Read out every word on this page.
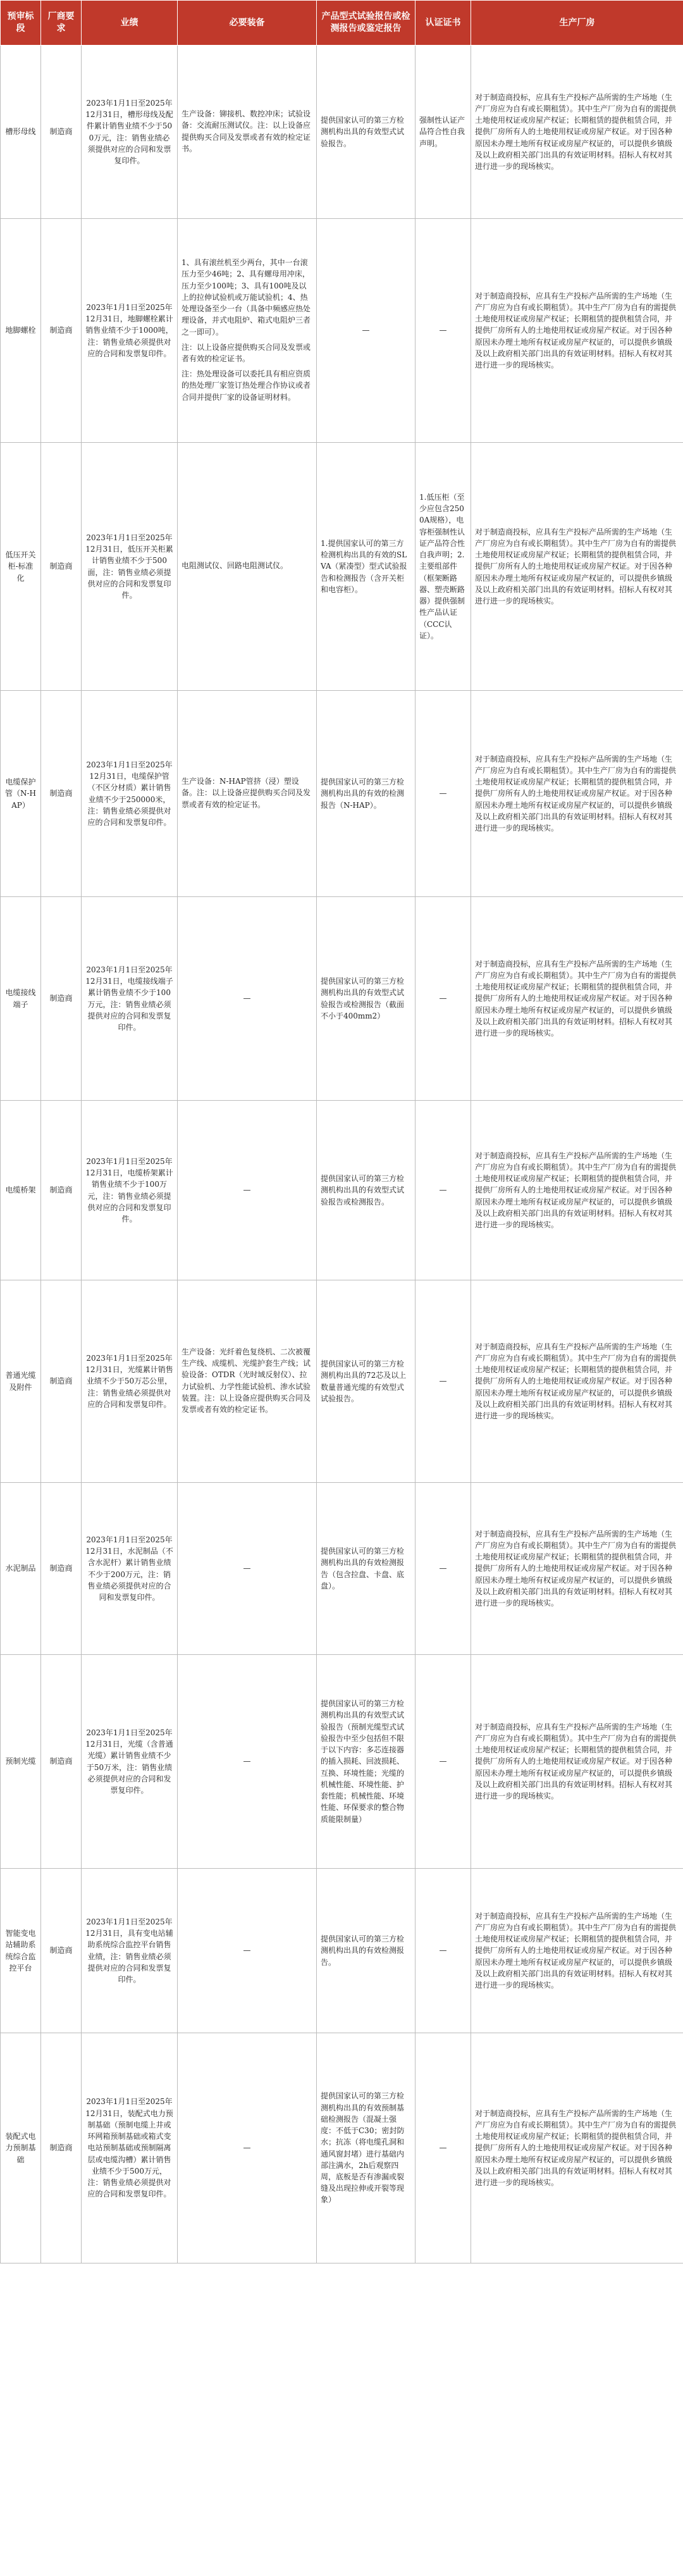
预审标段	厂商要求	业绩	必要装备	产品型式试验报告或检测报告或鉴定报告	认证证书	生产厂房
槽形母线	制造商	2023年1月1日至2025年12月31日，槽形母线及配件累计销售业绩不少于500万元，注：销售业绩必须提供对应的合同和发票复印件。	生产设备：铆接机、数控冲床；试验设备：交流耐压测试仪。注：以上设备应提供购买合同及发票或者有效的检定证书。	提供国家认可的第三方检测机构出具的有效型式试验报告。	强制性认证产品符合性自我声明。	对于制造商投标，应具有生产投标产品所需的生产场地（生产厂房应为自有或长期租赁）。其中生产厂房为自有的需提供土地使用权证或房屋产权证；长期租赁的提供租赁合同，并提供厂房所有人的土地使用权证或房屋产权证。对于因各种原因未办理土地所有权证或房屋产权证的，可以提供乡镇级及以上政府相关部门出具的有效证明材料。招标人有权对其进行进一步的现场核实。
地脚螺栓	制造商	2023年1月1日至2025年12月31日，地脚螺栓累计销售业绩不少于1000吨，注：销售业绩必须提供对应的合同和发票复印件。	1、具有滚丝机至少两台，其中一台滚压力至少46吨；2、具有螺母用冲床，压力至少100吨；3、具有100吨及以上的拉伸试验机或万能试验机；4、热处理设备至少一台（具备中频感应热处理设备，并式电阻炉、箱式电阻炉三者之一即可）。
注：以上设备应提供购买合同及发票或者有效的检定证书。
注：热处理设备可以委托具有相应资质的热处理厂家签订热处理合作协议或者合同并提供厂家的设备证明材料。	—	—	对于制造商投标，应具有生产投标产品所需的生产场地（生产厂房应为自有或长期租赁）。其中生产厂房为自有的需提供土地使用权证或房屋产权证；长期租赁的提供租赁合同，并提供厂房所有人的土地使用权证或房屋产权证。对于因各种原因未办理土地所有权证或房屋产权证的，可以提供乡镇级及以上政府相关部门出具的有效证明材料。招标人有权对其进行进一步的现场核实。
低压开关柜-标准化	制造商	2023年1月1日至2025年12月31日，低压开关柜累计销售业绩不少于500面，注：销售业绩必须提供对应的合同和发票复印件。	电阻测试仪、回路电阻测试仪。	1.提供国家认可的第三方检测机构出具的有效的SLVA（紧凑型）型式试验报告和检测报告（含开关柜和电容柜）。	1.低压柜（至少应包含2500A规格），电容柜强制性认证产品符合性自我声明；2.主要组部件（框架断路器、塑壳断路器）提供强制性产品认证（CCC认证）。	对于制造商投标，应具有生产投标产品所需的生产场地（生产厂房应为自有或长期租赁）。其中生产厂房为自有的需提供土地使用权证或房屋产权证；长期租赁的提供租赁合同，并提供厂房所有人的土地使用权证或房屋产权证。对于因各种原因未办理土地所有权证或房屋产权证的，可以提供乡镇级及以上政府相关部门出具的有效证明材料。招标人有权对其进行进一步的现场核实。
电缆保护管（N-HAP）	制造商	2023年1月1日至2025年12月31日，电缆保护管（不区分材质）累计销售业绩不少于250000米，注：销售业绩必须提供对应的合同和发票复印件。	生产设备：N-HAP管挤（浸）塑设备。注：以上设备应提供购买合同及发票或者有效的检定证书。	提供国家认可的第三方检测机构出具的有效的检测报告（N-HAP）。	—	对于制造商投标，应具有生产投标产品所需的生产场地（生产厂房应为自有或长期租赁）。其中生产厂房为自有的需提供土地使用权证或房屋产权证；长期租赁的提供租赁合同，并提供厂房所有人的土地使用权证或房屋产权证。对于因各种原因未办理土地所有权证或房屋产权证的，可以提供乡镇级及以上政府相关部门出具的有效证明材料。招标人有权对其进行进一步的现场核实。
电缆接线端子	制造商	2023年1月1日至2025年12月31日，电缆接线端子累计销售业绩不少于100万元，注：销售业绩必须提供对应的合同和发票复印件。	—	提供国家认可的第三方检测机构出具的有效型式试验报告或检测报告（截面不小于400mm2）	—	对于制造商投标，应具有生产投标产品所需的生产场地（生产厂房应为自有或长期租赁）。其中生产厂房为自有的需提供土地使用权证或房屋产权证；长期租赁的提供租赁合同，并提供厂房所有人的土地使用权证或房屋产权证。对于因各种原因未办理土地所有权证或房屋产权证的，可以提供乡镇级及以上政府相关部门出具的有效证明材料。招标人有权对其进行进一步的现场核实。
电缆桥架	制造商	2023年1月1日至2025年12月31日，电缆桥架累计销售业绩不少于100万元，注：销售业绩必须提供对应的合同和发票复印件。	—	提供国家认可的第三方检测机构出具的有效型式试验报告或检测报告。	—	对于制造商投标，应具有生产投标产品所需的生产场地（生产厂房应为自有或长期租赁）。其中生产厂房为自有的需提供土地使用权证或房屋产权证；长期租赁的提供租赁合同，并提供厂房所有人的土地使用权证或房屋产权证。对于因各种原因未办理土地所有权证或房屋产权证的，可以提供乡镇级及以上政府相关部门出具的有效证明材料。招标人有权对其进行进一步的现场核实。
普通光缆及附件	制造商	2023年1月1日至2025年12月31日，光缆累计销售业绩不少于50万芯公里，注：销售业绩必须提供对应的合同和发票复印件。	生产设备：光纤着色复绕机、二次被覆生产线、成缆机、光缆护套生产线；试验设备：OTDR（光时域反射仪）、拉力试验机、力学性能试验机、渗水试验装置。注：以上设备应提供购买合同及发票或者有效的检定证书。	提供国家认可的第三方检测机构出具的72芯及以上数量普通光缆的有效型式试验报告。	—	对于制造商投标，应具有生产投标产品所需的生产场地（生产厂房应为自有或长期租赁）。其中生产厂房为自有的需提供土地使用权证或房屋产权证；长期租赁的提供租赁合同，并提供厂房所有人的土地使用权证或房屋产权证。对于因各种原因未办理土地所有权证或房屋产权证的，可以提供乡镇级及以上政府相关部门出具的有效证明材料。招标人有权对其进行进一步的现场核实。
水泥制品	制造商	2023年1月1日至2025年12月31日，水泥制品（不含水泥杆）累计销售业绩不少于200万元，注：销售业绩必须提供对应的合同和发票复印件。	—	提供国家认可的第三方检测机构出具的有效检测报告（包含拉盘、卡盘、底盘）。	—	对于制造商投标，应具有生产投标产品所需的生产场地（生产厂房应为自有或长期租赁）。其中生产厂房为自有的需提供土地使用权证或房屋产权证；长期租赁的提供租赁合同，并提供厂房所有人的土地使用权证或房屋产权证。对于因各种原因未办理土地所有权证或房屋产权证的，可以提供乡镇级及以上政府相关部门出具的有效证明材料。招标人有权对其进行进一步的现场核实。
预制光缆	制造商	2023年1月1日至2025年12月31日，光缆（含普通光缆）累计销售业绩不少于50万米，注：销售业绩必须提供对应的合同和发票复印件。	—	提供国家认可的第三方检测机构出具的有效型式试验报告（预制光缆型式试验报告中至少包括但不限于以下内容：多芯连接器的插入损耗、回波损耗、互换、环境性能；光缆的机械性能、环境性能、护套性能；机械性能、环境性能、环保要求的整合物质能限制量）	—	对于制造商投标，应具有生产投标产品所需的生产场地（生产厂房应为自有或长期租赁）。其中生产厂房为自有的需提供土地使用权证或房屋产权证；长期租赁的提供租赁合同，并提供厂房所有人的土地使用权证或房屋产权证。对于因各种原因未办理土地所有权证或房屋产权证的，可以提供乡镇级及以上政府相关部门出具的有效证明材料。招标人有权对其进行进一步的现场核实。
智能变电站辅助系统综合监控平台	制造商	2023年1月1日至2025年12月31日，具有变电站辅助系统综合监控平台销售业绩，注：销售业绩必须提供对应的合同和发票复印件。	—	提供国家认可的第三方检测机构出具的有效检测报告。	—	对于制造商投标，应具有生产投标产品所需的生产场地（生产厂房应为自有或长期租赁）。其中生产厂房为自有的需提供土地使用权证或房屋产权证；长期租赁的提供租赁合同，并提供厂房所有人的土地使用权证或房屋产权证。对于因各种原因未办理土地所有权证或房屋产权证的，可以提供乡镇级及以上政府相关部门出具的有效证明材料。招标人有权对其进行进一步的现场核实。
装配式电力预制基础	制造商	2023年1月1日至2025年12月31日，装配式电力预制基础（预制电缆上井或环网箱预制基础或箱式变电站预制基础或预制隔离层或电缆沟槽）累计销售业绩不少于500万元，注：销售业绩必须提供对应的合同和发票复印件。	—	提供国家认可的第三方检测机构出具的有效预制基础检测报告（混凝土强度：不低于C30；密封防水；抗冻（将电缆孔洞和通风窗封堵）进行基础内部注满水，2h后观察四周，底板是否有渗漏或裂缝及出现拉伸或开裂等现象）	—	对于制造商投标，应具有生产投标产品所需的生产场地（生产厂房应为自有或长期租赁）。其中生产厂房为自有的需提供土地使用权证或房屋产权证；长期租赁的提供租赁合同，并提供厂房所有人的土地使用权证或房屋产权证。对于因各种原因未办理土地所有权证或房屋产权证的，可以提供乡镇级及以上政府相关部门出具的有效证明材料。招标人有权对其进行进一步的现场核实。
